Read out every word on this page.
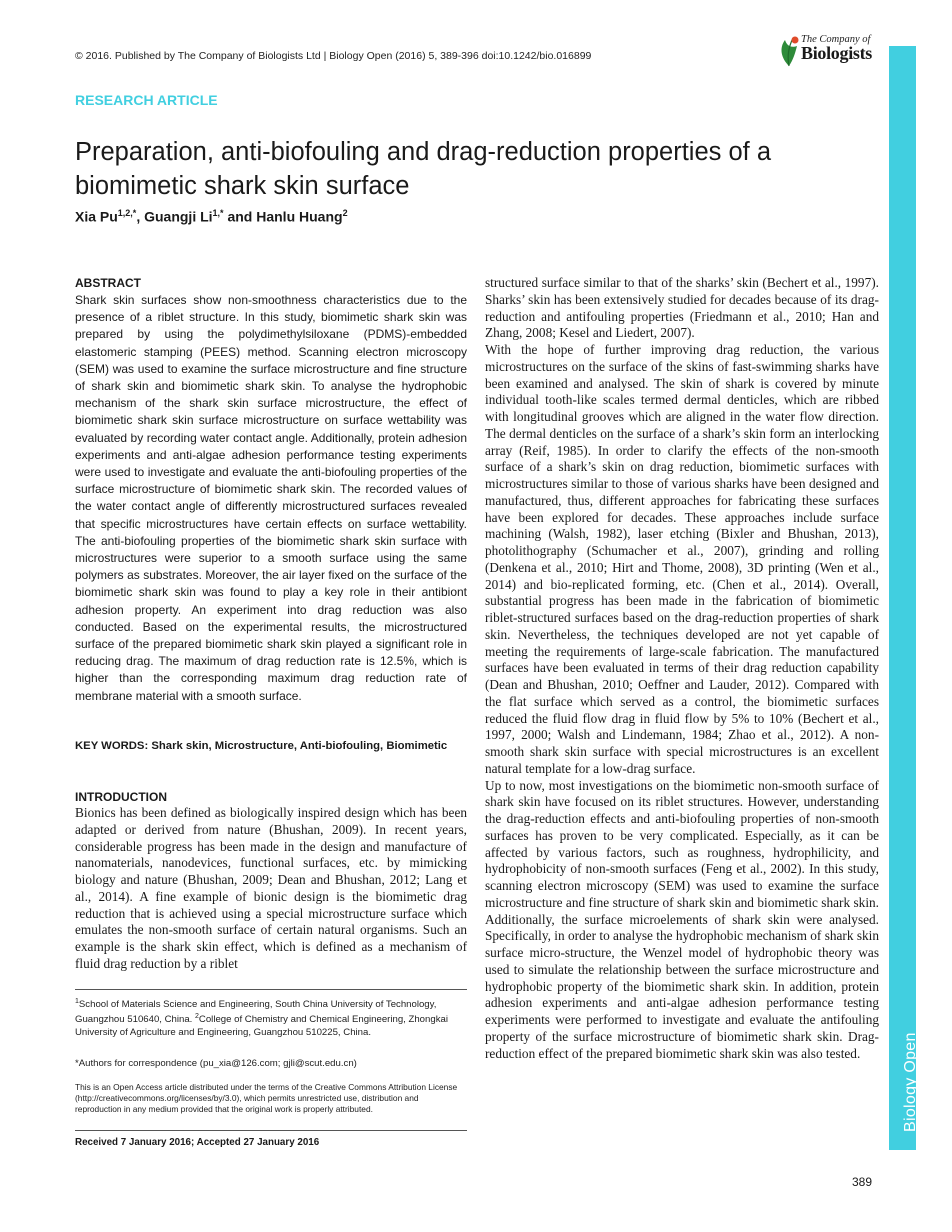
© 2016. Published by The Company of Biologists Ltd | Biology Open (2016) 5, 389-396 doi:10.1242/bio.016899
The Company of
Biologists
Biology Open
RESEARCH ARTICLE
Preparation, anti-biofouling and drag-reduction properties of a biomimetic shark skin surface
Xia $Pu^{1,2,*}$, Guangji $Li^{1,*}$ and Hanlu Huang$^2$
ABSTRACT

Shark skin surfaces show non-smoothness characteristics due to the presence of a riblet structure. In this study, biomimetic shark skin was prepared by using the polydimethylsiloxane (PDMS)-embedded elastomeric stamping (PEES) method. Scanning electron microscopy (SEM) was used to examine the surface microstructure and fine structure of shark skin and biomimetic shark skin. To analyse the hydrophobic mechanism of the shark skin surface microstructure, the effect of biomimetic shark skin surface microstructure on surface wettability was evaluated by recording water contact angle. Additionally, protein adhesion experiments and anti-algae adhesion performance testing experiments were used to investigate and evaluate the anti-biofouling properties of the surface microstructure of biomimetic shark skin. The recorded values of the water contact angle of differently microstructured surfaces revealed that specific microstructures have certain effects on surface wettability. The anti-biofouling properties of the biomimetic shark skin surface with microstructures were superior to a smooth surface using the same polymers as substrates. Moreover, the air layer fixed on the surface of the biomimetic shark skin was found to play a key role in their antibiont adhesion property. An experiment into drag reduction was also conducted. Based on the experimental results, the microstructured surface of the prepared biomimetic shark skin played a significant role in reducing drag. The maximum of drag reduction rate is 12.5%, which is higher than the corresponding maximum drag reduction rate of membrane material with a smooth surface.

KEY WORDS: Shark skin, Microstructure, Anti-biofouling, Biomimetic

INTRODUCTION

Bionics has been defined as biologically inspired design which has been adapted or derived from nature (Bhushan, 2009). In recent years, considerable progress has been made in the design and manufacture of nanomaterials, nanodevices, functional surfaces, etc. by mimicking biology and nature (Bhushan, 2009; Dean and Bhushan, 2012; Lang et al., 2014). A fine example of bionic design is the biomimetic drag reduction that is achieved using a special microstructure surface which emulates the non-smooth surface of certain natural organisms. Such an example is the shark skin effect, which is defined as a mechanism of fluid drag reduction by a riblet

$^1$School of Materials Science and Engineering, South China University of Technology, Guangzhou 510640, China. $^2$College of Chemistry and Chemical Engineering, Zhongkai University of Agriculture and Engineering, Guangzhou 510225, China.

*Authors for correspondence (pu_xia@126.com; gjli@scut.edu.cn)

This is an Open Access article distributed under the terms of the Creative Commons Attribution License (http://creativecommons.org/licenses/by/3.0), which permits unrestricted use, distribution and reproduction in any medium provided that the original work is properly attributed.

Received 7 January 2016; Accepted 27 January 2016

structured surface similar to that of the sharks’ skin (Bechert et al., 1997). Sharks’ skin has been extensively studied for decades because of its drag-reduction and antifouling properties (Friedmann et al., 2010; Han and Zhang, 2008; Kesel and Liedert, 2007).

With the hope of further improving drag reduction, the various microstructures on the surface of the skins of fast-swimming sharks have been examined and analysed. The skin of shark is covered by minute individual tooth-like scales termed dermal denticles, which are ribbed with longitudinal grooves which are aligned in the water flow direction. The dermal denticles on the surface of a shark’s skin form an interlocking array (Reif, 1985). In order to clarify the effects of the non-smooth surface of a shark’s skin on drag reduction, biomimetic surfaces with microstructures similar to those of various sharks have been designed and manufactured, thus, different approaches for fabricating these surfaces have been explored for decades. These approaches include surface machining (Walsh, 1982), laser etching (Bixler and Bhushan, 2013), photolithography (Schumacher et al., 2007), grinding and rolling (Denkena et al., 2010; Hirt and Thome, 2008), 3D printing (Wen et al., 2014) and bio-replicated forming, etc. (Chen et al., 2014). Overall, substantial progress has been made in the fabrication of biomimetic riblet-structured surfaces based on the drag-reduction properties of shark skin. Nevertheless, the techniques developed are not yet capable of meeting the requirements of large-scale fabrication. The manufactured surfaces have been evaluated in terms of their drag reduction capability (Dean and Bhushan, 2010; Oeffner and Lauder, 2012). Compared with the flat surface which served as a control, the biomimetic surfaces reduced the fluid flow drag in fluid flow by 5% to 10% (Bechert et al., 1997, 2000; Walsh and Lindemann, 1984; Zhao et al., 2012). A non-smooth shark skin surface with special microstructures is an excellent natural template for a low-drag surface.

Up to now, most investigations on the biomimetic non-smooth surface of shark skin have focused on its riblet structures. However, understanding the drag-reduction effects and anti-biofouling properties of non-smooth surfaces has proven to be very complicated. Especially, as it can be affected by various factors, such as roughness, hydrophilicity, and hydrophobicity of non-smooth surfaces (Feng et al., 2002). In this study, scanning electron microscopy (SEM) was used to examine the surface microstructure and fine structure of shark skin and biomimetic shark skin. Additionally, the surface microelements of shark skin were analysed. Specifically, in order to analyse the hydrophobic mechanism of shark skin surface micro-structure, the Wenzel model of hydrophobic theory was used to simulate the relationship between the surface microstructure and hydrophobic property of the biomimetic shark skin. In addition, protein adhesion experiments and anti-algae adhesion performance testing experiments were performed to investigate and evaluate the antifouling property of the surface microstructure of biomimetic shark skin. Drag-reduction effect of the prepared biomimetic shark skin was also tested.

389
